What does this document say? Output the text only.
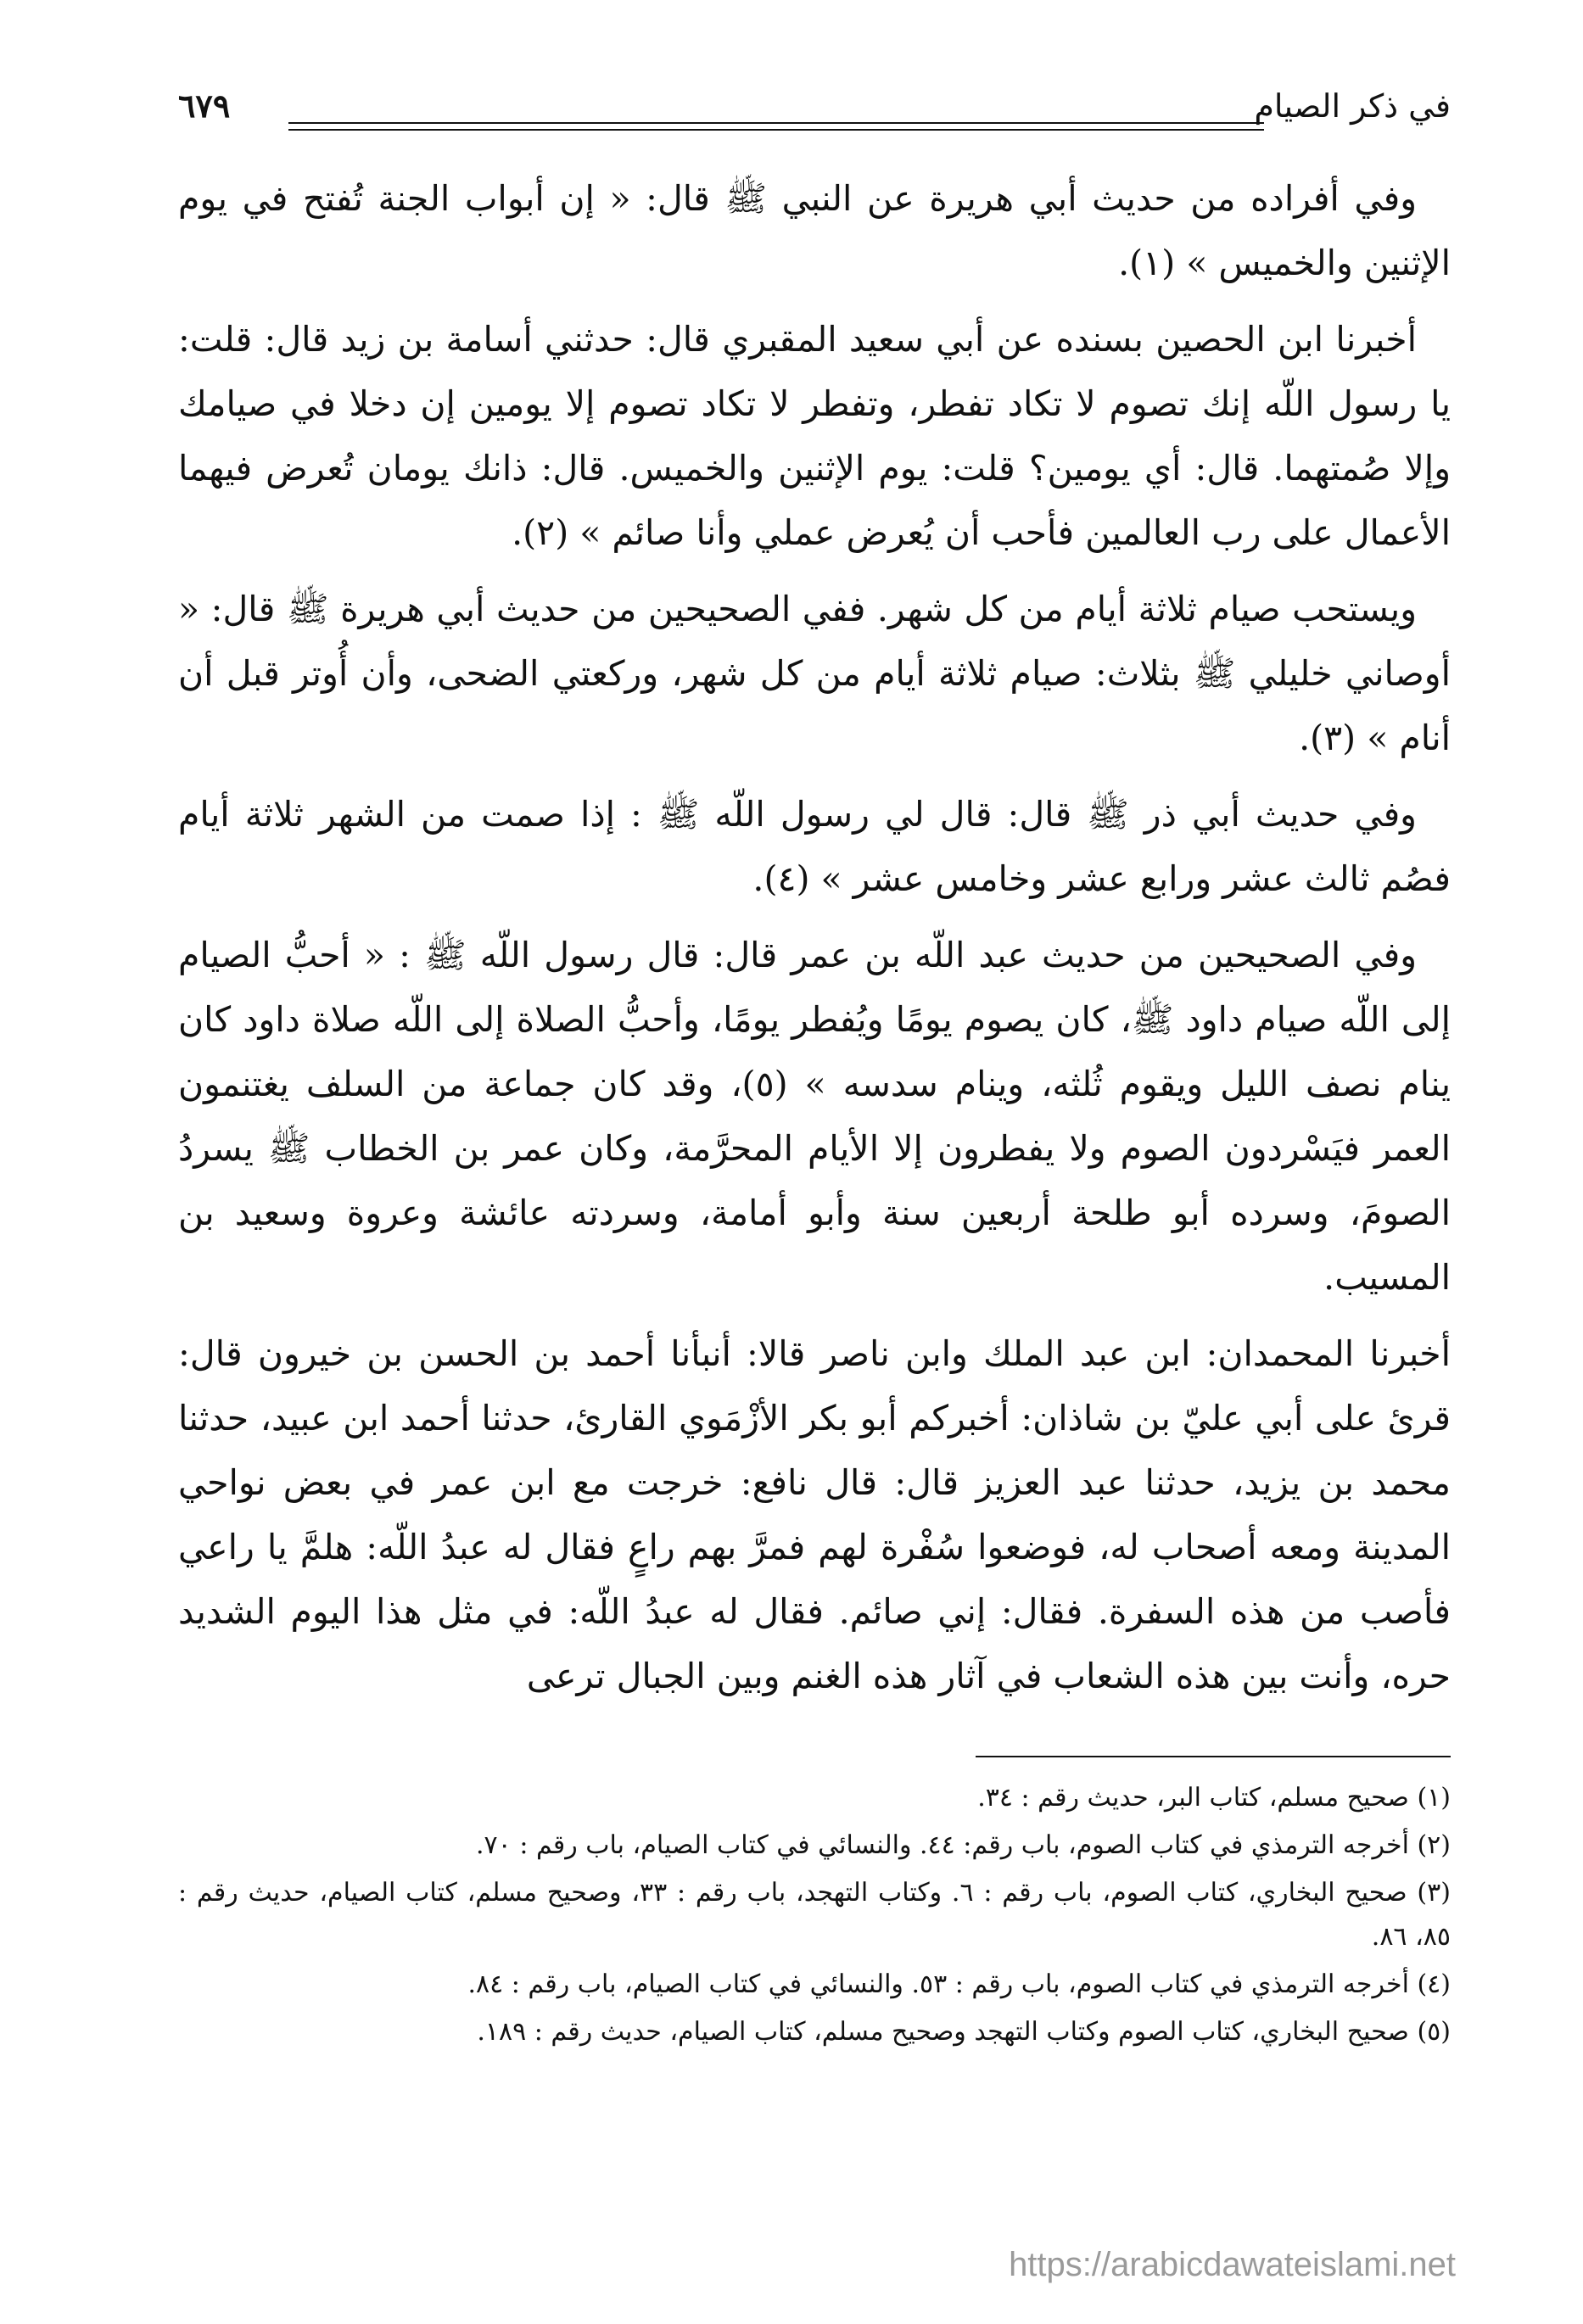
في ذكر الصيام
٦٧٩

وفي أفراده من حديث أبي هريرة عن النبي ﷺ قال: « إن أبواب الجنة تُفتح في يوم الإثنين والخميس » (١).

أخبرنا ابن الحصين بسنده عن أبي سعيد المقبري قال: حدثني أسامة بن زيد قال: قلت: يا رسول اللّه إنك تصوم لا تكاد تفطر، وتفطر لا تكاد تصوم إلا يومين إن دخلا في صيامك وإلا صُمتهما. قال: أي يومين؟ قلت: يوم الإثنين والخميس. قال: ذانك يومان تُعرض فيهما الأعمال على رب العالمين فأحب أن يُعرض عملي وأنا صائم » (٢).

ويستحب صيام ثلاثة أيام من كل شهر. ففي الصحيحين من حديث أبي هريرة ﷺ قال: « أوصاني خليلي ﷺ بثلاث: صيام ثلاثة أيام من كل شهر، وركعتي الضحى، وأن أُوتر قبل أن أنام » (٣).

وفي حديث أبي ذر ﷺ قال: قال لي رسول اللّه ﷺ : إذا صمت من الشهر ثلاثة أيام فصُم ثالث عشر ورابع عشر وخامس عشر » (٤).

وفي الصحيحين من حديث عبد اللّه بن عمر قال: قال رسول اللّه ﷺ : « أحبُّ الصيام إلى اللّه صيام داود ﷺ، كان يصوم يومًا ويُفطر يومًا، وأحبُّ الصلاة إلى اللّه صلاة داود كان ينام نصف الليل ويقوم ثُلثه، وينام سدسه » (٥)، وقد كان جماعة من السلف يغتنمون العمر فيَسْردون الصوم ولا يفطرون إلا الأيام المحرَّمة، وكان عمر بن الخطاب ﷺ يسردُ الصومَ، وسرده أبو طلحة أربعين سنة وأبو أمامة، وسردته عائشة وعروة وسعيد بن المسيب.

أخبرنا المحمدان: ابن عبد الملك وابن ناصر قالا: أنبأنا أحمد بن الحسن بن خيرون قال: قرئ على أبي عليّ بن شاذان: أخبركم أبو بكر الأزْمَوي القارئ، حدثنا أحمد ابن عبيد، حدثنا محمد بن يزيد، حدثنا عبد العزيز قال: قال نافع: خرجت مع ابن عمر في بعض نواحي المدينة ومعه أصحاب له، فوضعوا سُفْرة لهم فمرَّ بهم راعٍ فقال له عبدُ اللّه: هلمَّ يا راعي فأصب من هذه السفرة. فقال: إني صائم. فقال له عبدُ اللّه: في مثل هذا اليوم الشديد حره، وأنت بين هذه الشعاب في آثار هذه الغنم وبين الجبال ترعى

(١) صحيح مسلم، كتاب البر، حديث رقم : ٣٤.

(٢) أخرجه الترمذي في كتاب الصوم، باب رقم: ٤٤. والنسائي في كتاب الصيام، باب رقم : ٧٠.

(٣) صحيح البخاري، كتاب الصوم، باب رقم : ٦. وكتاب التهجد، باب رقم : ٣٣، وصحيح مسلم، كتاب الصيام، حديث رقم : ٨٥، ٨٦.

(٤) أخرجه الترمذي في كتاب الصوم، باب رقم : ٥٣. والنسائي في كتاب الصيام، باب رقم : ٨٤.

(٥) صحيح البخاري، كتاب الصوم وكتاب التهجد وصحيح مسلم، كتاب الصيام، حديث رقم : ١٨٩.

https://arabicdawateislami.net
